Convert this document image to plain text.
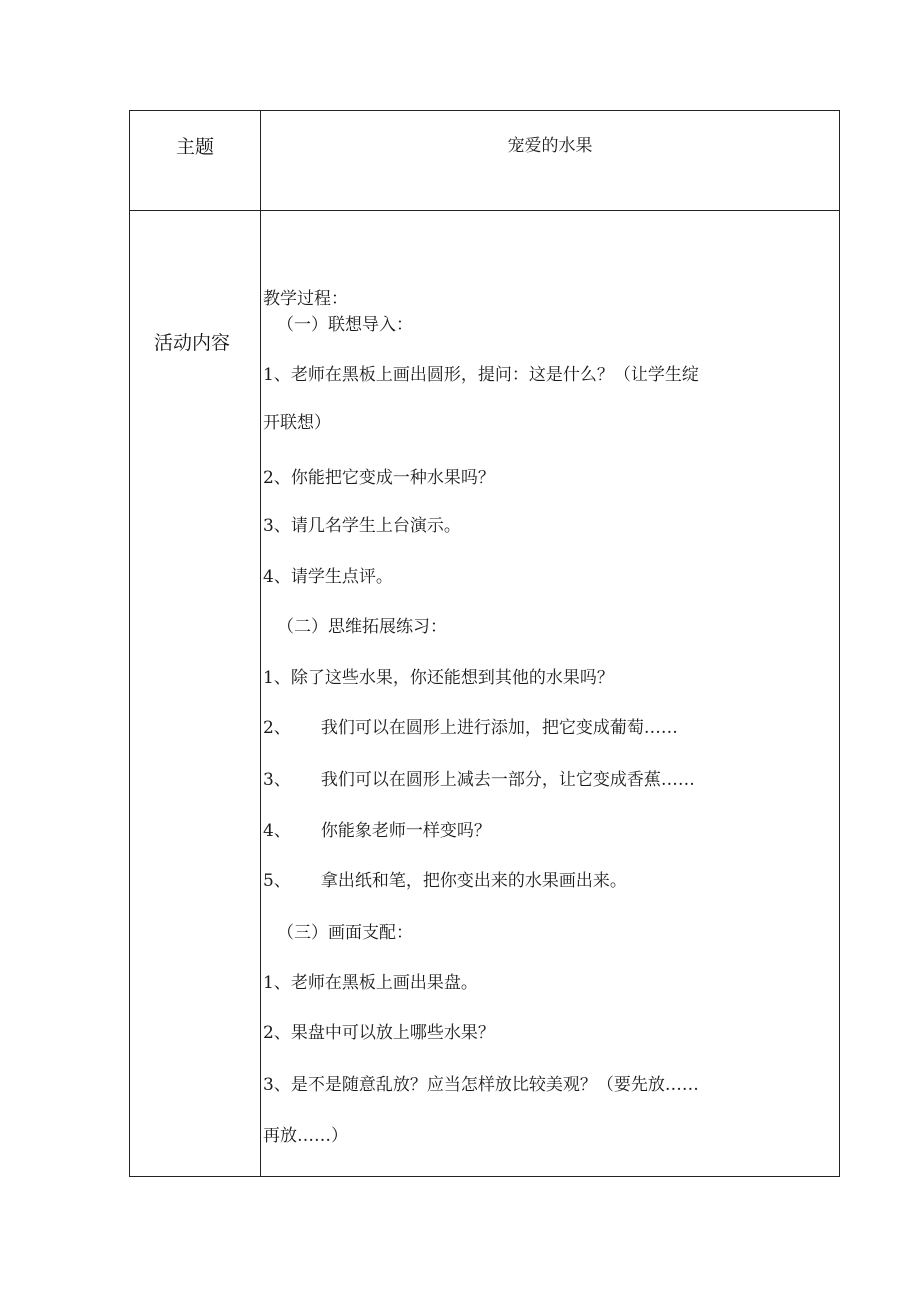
主题	宠爱的水果
活动内容
教学过程：
（一）联想导入：
1、老师在黑板上画出圆形，提问：这是什么？（让学生绽
开联想）
2、你能把它变成一种水果吗？
3、请几名学生上台演示。
4、请学生点评。
（二）思维拓展练习：
1、除了这些水果，你还能想到其他的水果吗？
2、 我们可以在圆形上进行添加，把它变成葡萄……
3、 我们可以在圆形上减去一部分，让它变成香蕉……
4、 你能象老师一样变吗？
5、 拿出纸和笔，把你变出来的水果画出来。
（三）画面支配：
1、老师在黑板上画出果盘。
2、果盘中可以放上哪些水果？
3、是不是随意乱放？应当怎样放比较美观？（要先放……
再放……）
